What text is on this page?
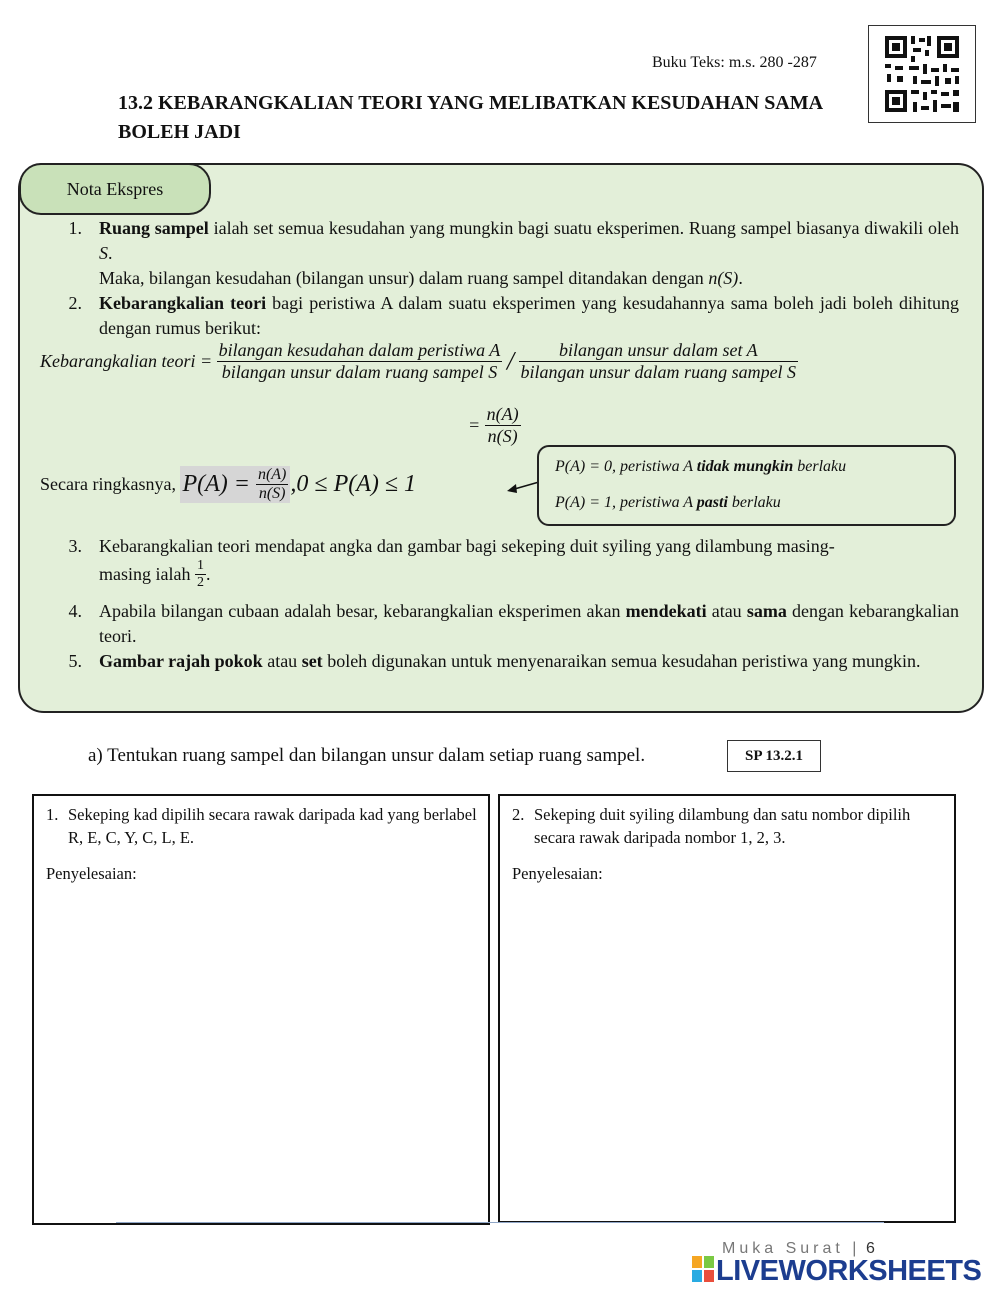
Buku Teks: m.s. 280 -287
13.2 KEBARANGKALIAN TEORI YANG MELIBATKAN KESUDAHAN SAMA BOLEH JADI
Nota Ekspres
1. Ruang sampel ialah set semua kesudahan yang mungkin bagi suatu eksperimen. Ruang sampel biasanya diwakili oleh S.
Maka, bilangan kesudahan (bilangan unsur) dalam ruang sampel ditandakan dengan n(S).
2. Kebarangkalian teori bagi peristiwa A dalam suatu eksperimen yang kesudahannya sama boleh jadi boleh dihitung dengan rumus berikut:
Kebarangkalian teori = $\frac{\text{bilangan kesudahan dalam peristiwa A}}{\text{bilangan unsur dalam ruang sampel S}} / \frac{\text{bilangan unsur dalam set A}}{\text{bilangan unsur dalam ruang sampel S}}$
= $\frac{n(A)}{n(S)}$
Secara ringkasnya, $P(A) = \frac{n(A)}{n(S)} ,0 \le P(A) \le 1$
P(A) = 0, peristiwa A tidak mungkin berlaku
P(A) = 1, peristiwa A pasti berlaku
3. Kebarangkalian teori mendapat angka dan gambar bagi sekeping duit syiling yang dilambung masing-
masing ialah $\frac{1}{2}$ .
4. Apabila bilangan cubaan adalah besar, kebarangkalian eksperimen akan mendekati atau sama dengan kebarangkalian teori.
5. Gambar rajah pokok atau set boleh digunakan untuk menyenaraikan semua kesudahan peristiwa yang mungkin.
a) Tentukan ruang sampel dan bilangan unsur dalam setiap ruang sampel.	SP 13.2.1
1. Sekeping kad dipilih secara rawak daripada kad yang berlabel R, E, C, Y, C, L, E.
Penyelesaian:
2. Sekeping duit syiling dilambung dan satu nombor dipilih secara rawak daripada nombor 1, 2, 3.
Penyelesaian:
Muka Surat | 6
LIVEWORKSHEETS
